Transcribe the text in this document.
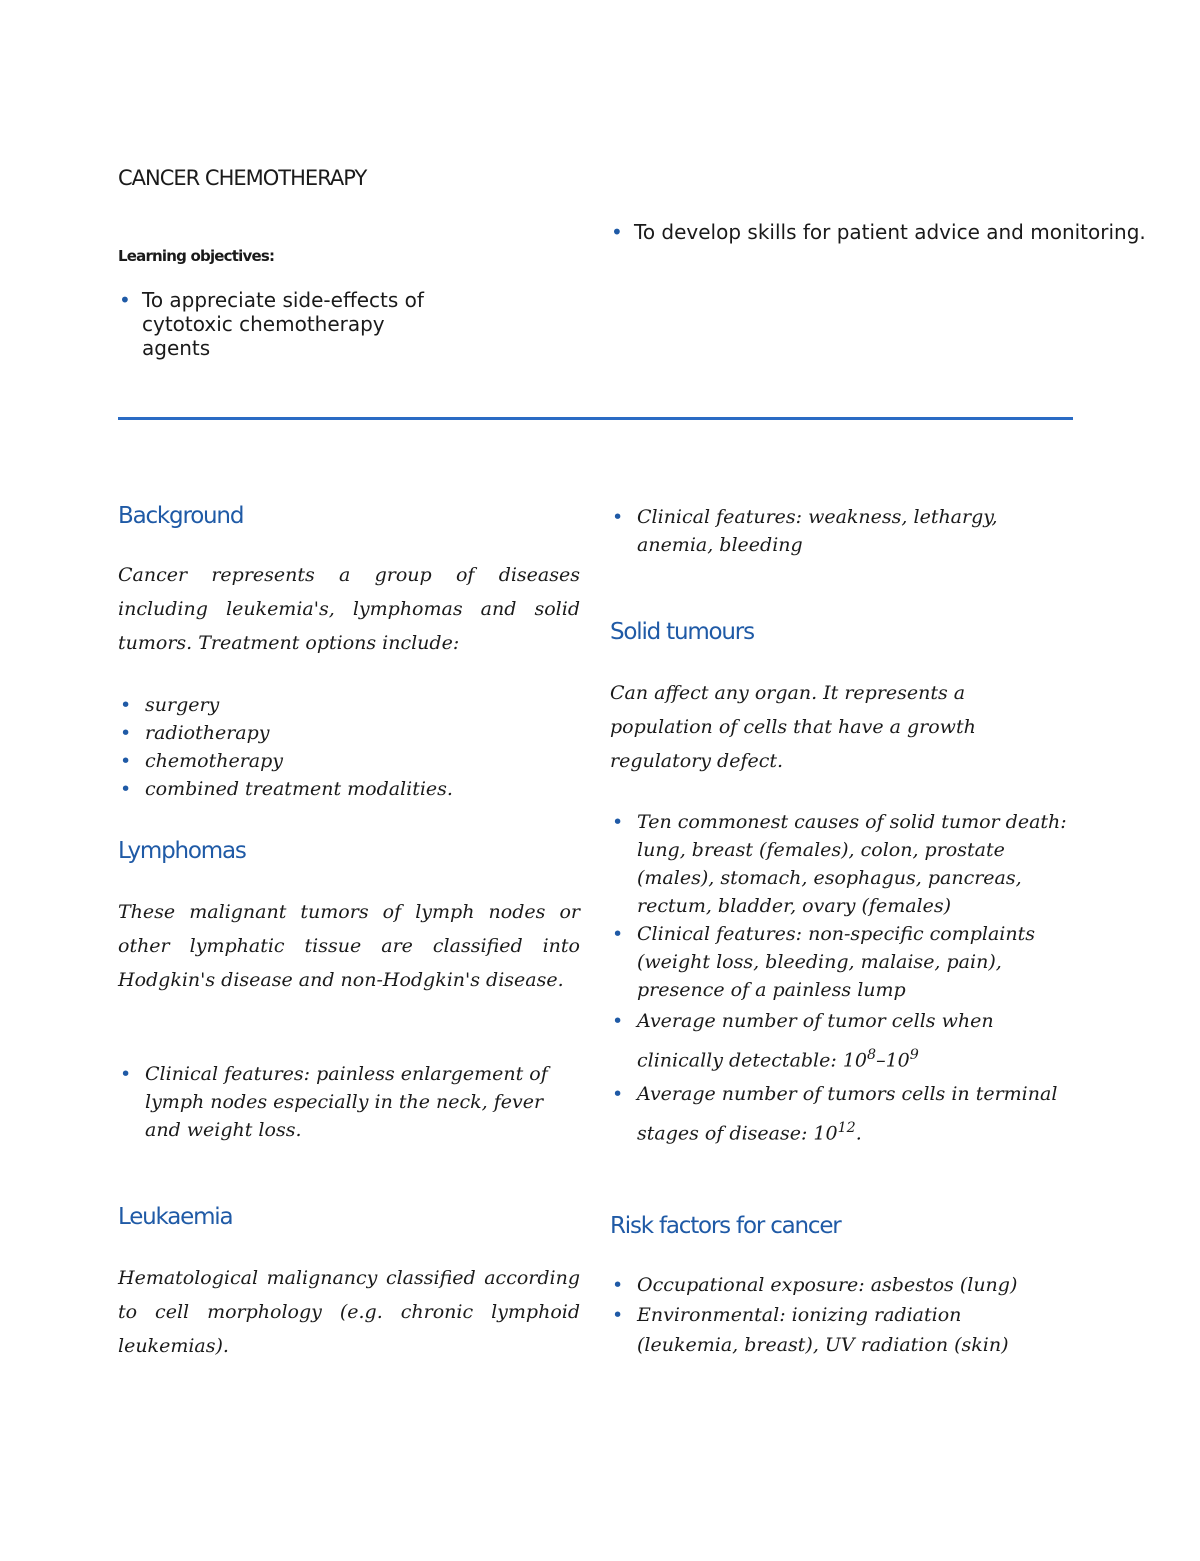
CANCER CHEMOTHERAPY
Learning objectives:
• To appreciate side-effects of cytotoxic chemotherapy agents
• To develop skills for patient advice and monitoring.
Background
Cancer represents a group of diseases including leukemia's, lymphomas and solid tumors. Treatment options include:
• surgery
• radiotherapy
• chemotherapy
• combined treatment modalities.
Lymphomas
These malignant tumors of lymph nodes or other lymphatic tissue are classified into Hodgkin's disease and non-Hodgkin's disease.
• Clinical features: painless enlargement of lymph nodes especially in the neck, fever and weight loss.
Leukaemia
Hematological malignancy classified according to cell morphology (e.g. chronic lymphoid leukemias).
• Clinical features: weakness, lethargy, anemia, bleeding
Solid tumours
Can affect any organ. It represents a population of cells that have a growth regulatory defect.
• Ten commonest causes of solid tumor death: lung, breast (females), colon, prostate (males), stomach, esophagus, pancreas, rectum, bladder, ovary (females)
• Clinical features: non-specific complaints (weight loss, bleeding, malaise, pain), presence of a painless lump
• Average number of tumor cells when clinically detectable: $10^8-10^9$
• Average number of tumors cells in terminal stages of disease: $10^{12}$.
Risk factors for cancer
• Occupational exposure: asbestos (lung)
• Environmental: ionizing radiation (leukemia, breast), UV radiation (skin)
